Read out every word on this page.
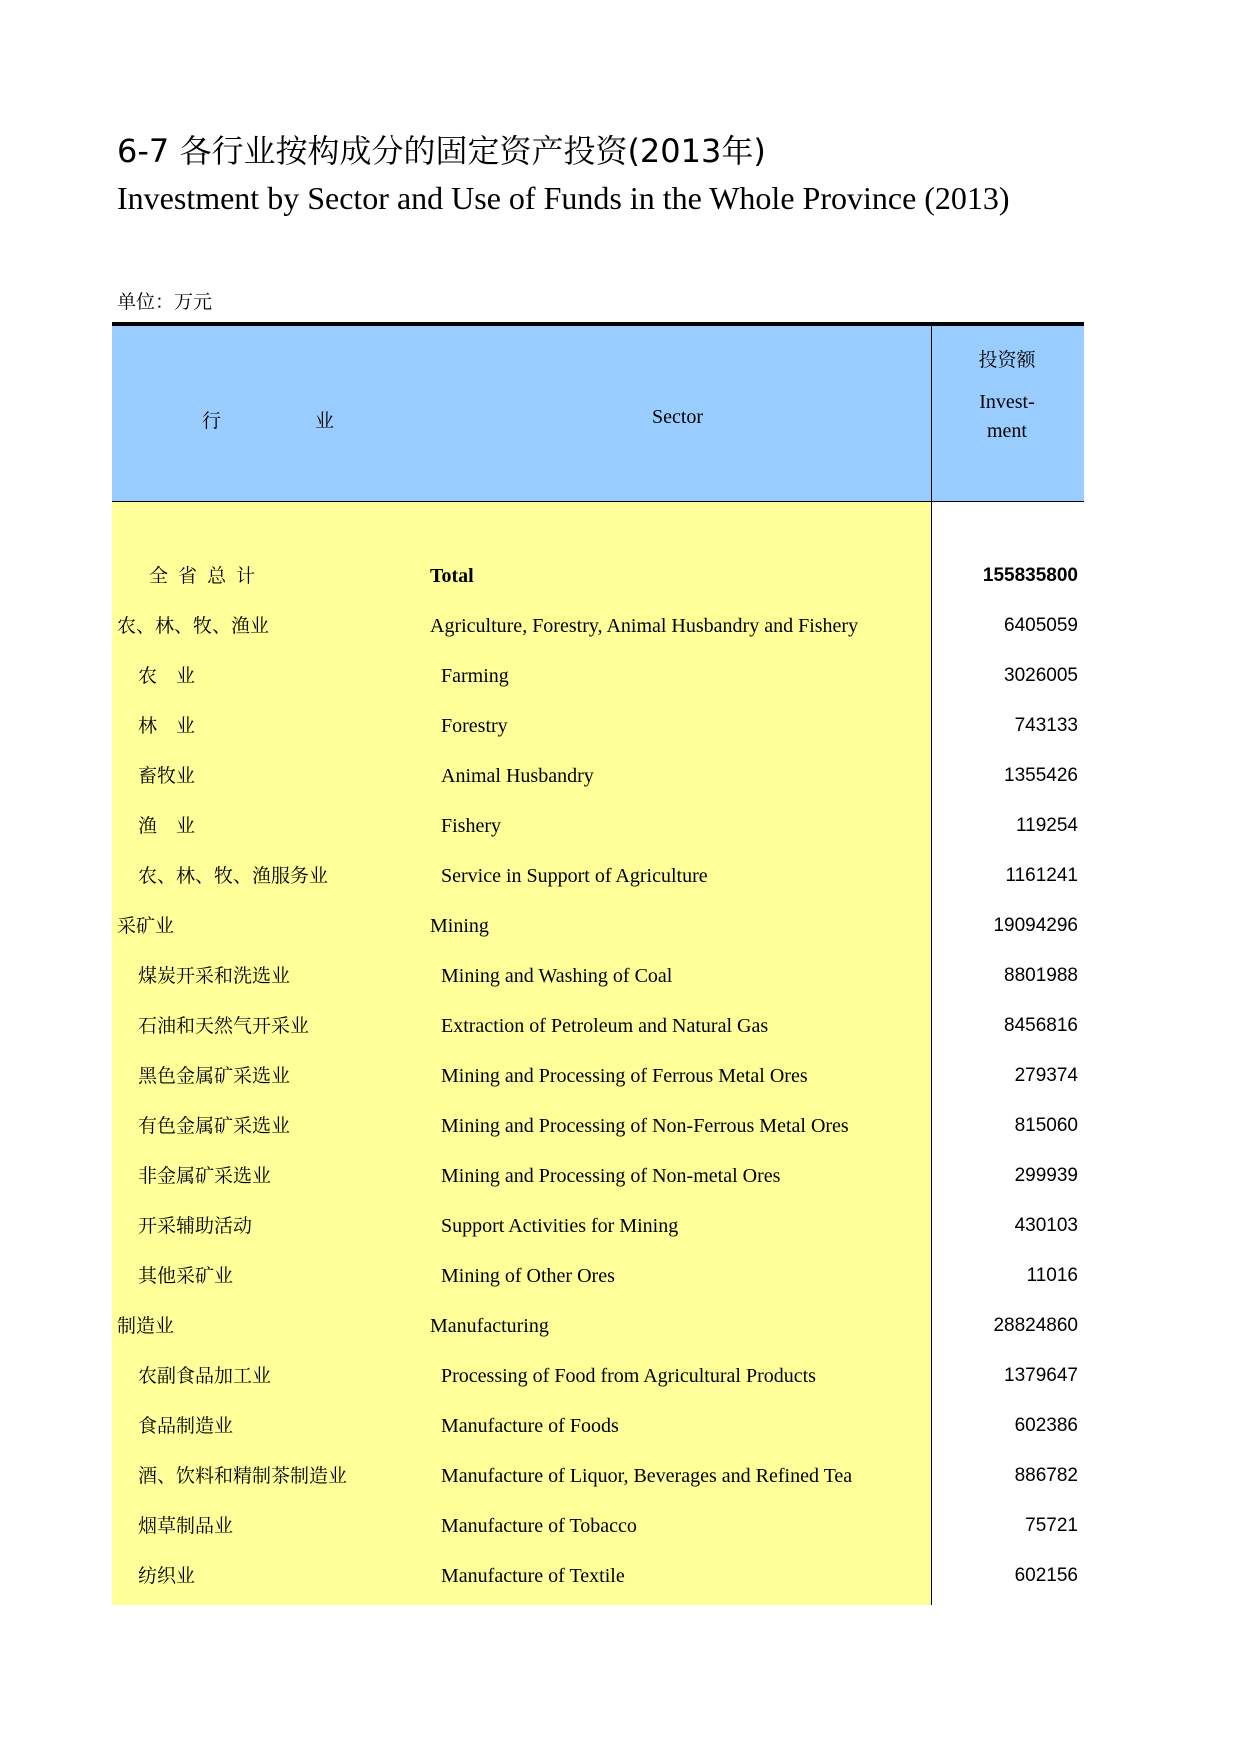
6-7 各行业按构成分的固定资产投资(2013年)
Investment by Sector and Use of Funds in the Whole Province (2013)
单位：万元
行	业	Sector
投资额
Invest-
ment
全 省 总 计	Total	155835800
农、林、牧、渔业	Agriculture, Forestry, Animal Husbandry and Fishery	6405059
农　业	Farming	3026005
林　业	Forestry	743133
畜牧业	Animal Husbandry	1355426
渔　业	Fishery	119254
农、林、牧、渔服务业	Service in Support of Agriculture	1161241
采矿业	Mining	19094296
煤炭开采和洗选业	Mining and Washing of Coal	8801988
石油和天然气开采业	Extraction of Petroleum and Natural Gas	8456816
黑色金属矿采选业	Mining and Processing of Ferrous Metal Ores	279374
有色金属矿采选业	Mining and Processing of Non-Ferrous Metal Ores	815060
非金属矿采选业	Mining and Processing of Non-metal Ores	299939
开采辅助活动	Support Activities for Mining	430103
其他采矿业	Mining of Other Ores	11016
制造业	Manufacturing	28824860
农副食品加工业	Processing of Food from Agricultural Products	1379647
食品制造业	Manufacture of Foods	602386
酒、饮料和精制茶制造业	Manufacture of Liquor, Beverages and Refined Tea	886782
烟草制品业	Manufacture of Tobacco	75721
纺织业	Manufacture of Textile	602156
